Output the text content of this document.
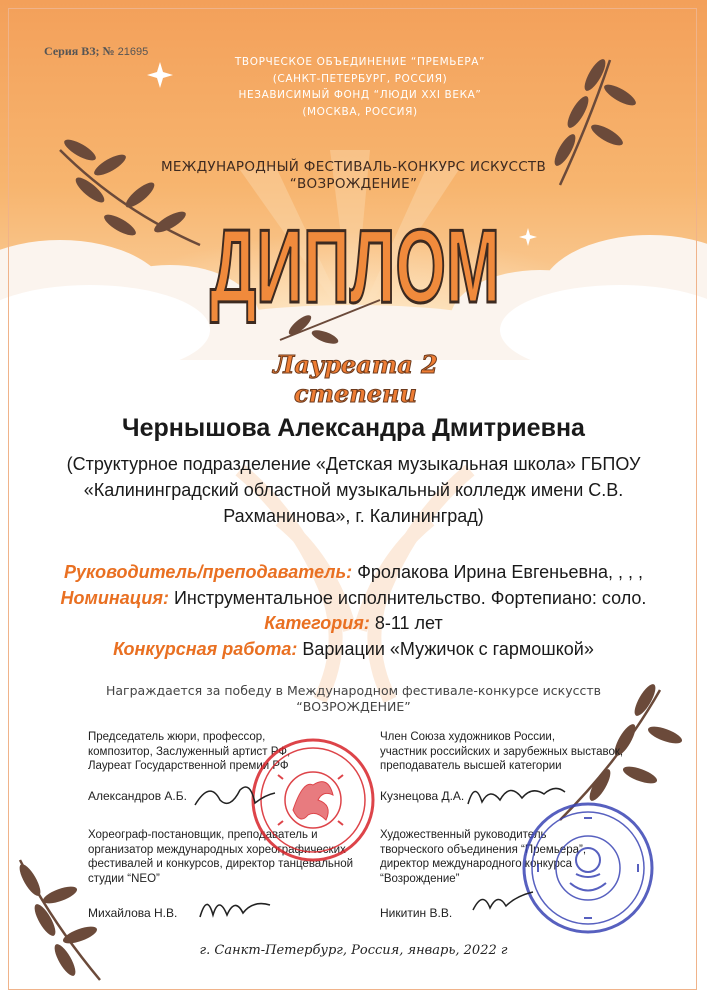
Серия ВЗ; № 21695
ТВОРЧЕСКОЕ ОБЪЕДИНЕНИЕ “ПРЕМЬЕРА”
(САНКТ-ПЕТЕРБУРГ, РОССИЯ)
НЕЗАВИСИМЫЙ ФОНД “ЛЮДИ XXI ВЕКА”
(МОСКВА, РОССИЯ)
МЕЖДУНАРОДНЫЙ ФЕСТИВАЛЬ-КОНКУРС ИСКУССТВ
“ВОЗРОЖДЕНИЕ”
ДИПЛОМ
Лауреата 2 степени
Чернышова Александра Дмитриевна
(Структурное подразделение «Детская музыкальная школа» ГБПОУ
«Калининградский областной музыкальный колледж имени С.В.
Рахманинова», г. Калининград)
Руководитель/преподаватель: Фролакова Ирина Евгеньевна, , , ,
Номинация: Инструментальное исполнительство. Фортепиано: соло.
Категория: 8-11 лет
Конкурсная работа: Вариации «Мужичок с гармошкой»
Награждается за победу в Международном фестивале-конкурсе искусств
“ВОЗРОЖДЕНИЕ”
Председатель жюри, профессор,
композитор, Заслуженный артист РФ,
Лауреат Государственной премии РФ
Александров А.Б.
Член Союза художников России,
участник российских и зарубежных выставок,
преподаватель высшей категории
Кузнецова Д.А.
Хореограф-постановщик, преподаватель и
организатор международных хореографических
фестивалей и конкурсов, директор танцевальной
студии “NEO”
Михайлова Н.В.
Художественный руководитель
творческого объединения “Премьера”,
директор международного конкурса
“Возрождение”
Никитин В.В.
г. Санкт-Петербург, Россия, январь, 2022 г
